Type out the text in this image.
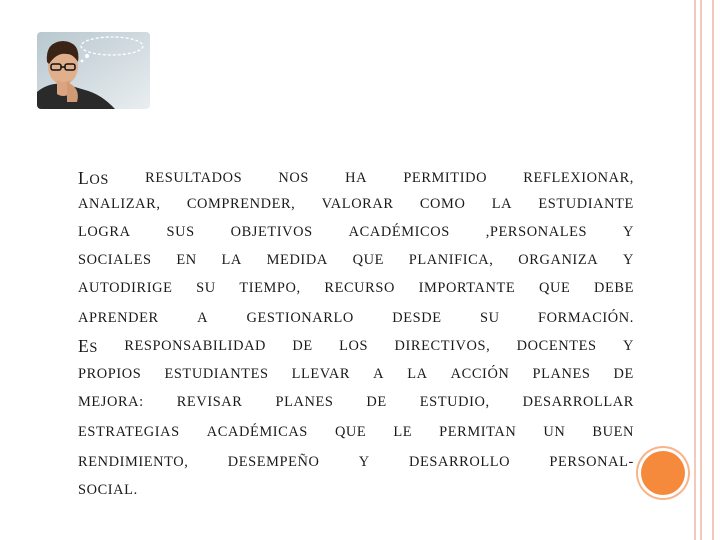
LOS	RESULTADOS	NOS	HA	PERMITIDO	REFLEXIONAR,
ANALIZAR, COMPRENDER, VALORAR COMO LA ESTUDIANTE
LOGRA SUS OBJETIVOS ACADÉMICOS ,PERSONALES Y
SOCIALES EN LA MEDIDA QUE PLANIFICA, ORGANIZA Y
AUTODIRIGE SU TIEMPO, RECURSO IMPORTANTE QUE DEBE
APRENDER	A	GESTIONARLO	DESDE	SU	FORMACIÓN.
ES RESPONSABILIDAD DE LOS DIRECTIVOS, DOCENTES Y
PROPIOS ESTUDIANTES LLEVAR A LA ACCIÓN PLANES DE
MEJORA: REVISAR PLANES DE ESTUDIO, DESARROLLAR
ESTRATEGIAS ACADÉMICAS QUE LE PERMITAN UN BUEN
RENDIMIENTO,	DESEMPEÑO	Y	DESARROLLO	PERSONAL-
SOCIAL.
